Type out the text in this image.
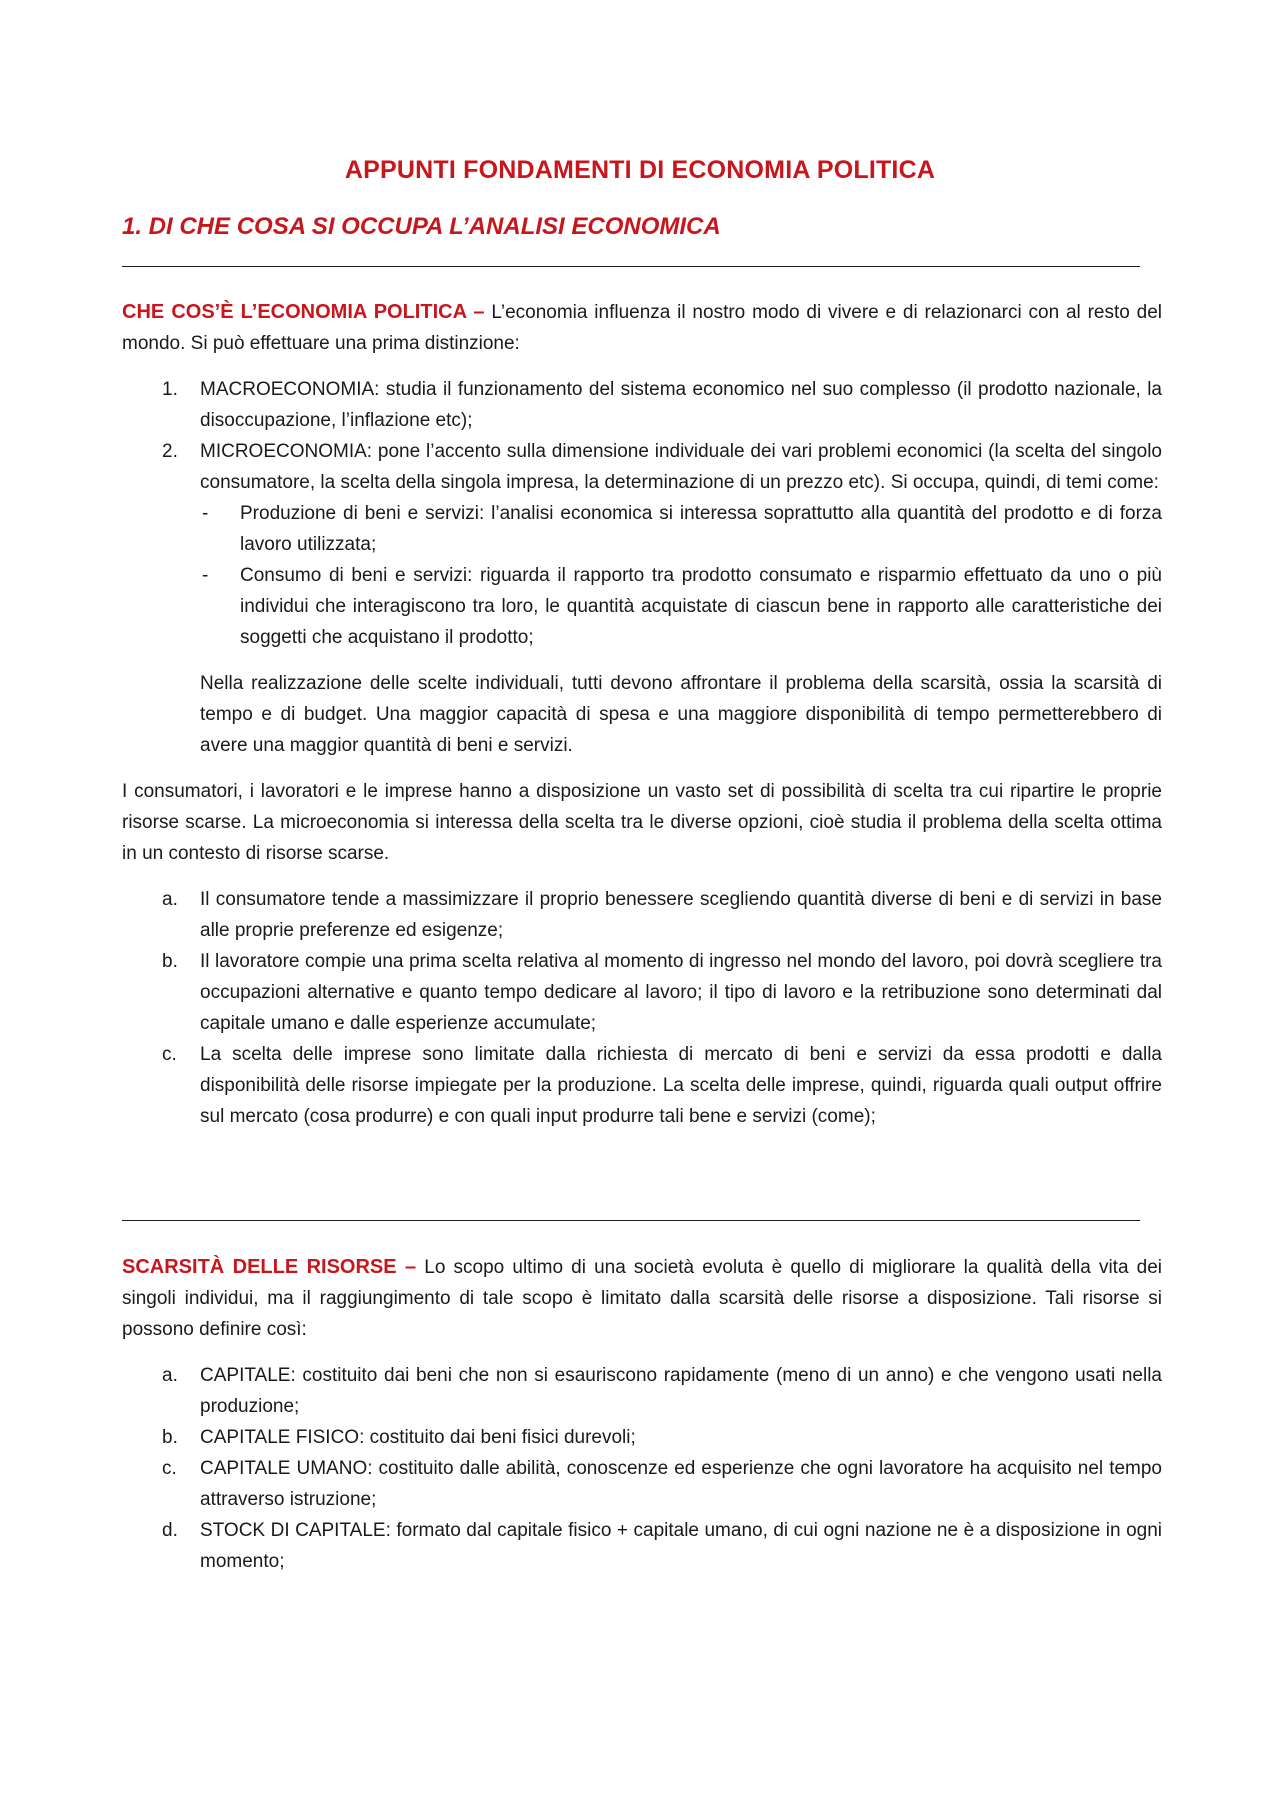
APPUNTI FONDAMENTI DI ECONOMIA POLITICA
1. DI CHE COSA SI OCCUPA L’ANALISI ECONOMICA

CHE COS’È L’ECONOMIA POLITICA – L’economia influenza il nostro modo di vivere e di relazionarci con al resto del mondo. Si può effettuare una prima distinzione:

1. MACROECONOMIA: studia il funzionamento del sistema economico nel suo complesso (il prodotto nazionale, la disoccupazione, l’inflazione etc);
2. MICROECONOMIA: pone l’accento sulla dimensione individuale dei vari problemi economici (la scelta del singolo consumatore, la scelta della singola impresa, la determinazione di un prezzo etc). Si occupa, quindi, di temi come:
- Produzione di beni e servizi: l’analisi economica si interessa soprattutto alla quantità del prodotto e di forza lavoro utilizzata;
- Consumo di beni e servizi: riguarda il rapporto tra prodotto consumato e risparmio effettuato da uno o più individui che interagiscono tra loro, le quantità acquistate di ciascun bene in rapporto alle caratteristiche dei soggetti che acquistano il prodotto;

Nella realizzazione delle scelte individuali, tutti devono affrontare il problema della scarsità, ossia la scarsità di tempo e di budget. Una maggior capacità di spesa e una maggiore disponibilità di tempo permetterebbero di avere una maggior quantità di beni e servizi.

I consumatori, i lavoratori e le imprese hanno a disposizione un vasto set di possibilità di scelta tra cui ripartire le proprie risorse scarse. La microeconomia si interessa della scelta tra le diverse opzioni, cioè studia il problema della scelta ottima in un contesto di risorse scarse.

a. Il consumatore tende a massimizzare il proprio benessere scegliendo quantità diverse di beni e di servizi in base alle proprie preferenze ed esigenze;
b. Il lavoratore compie una prima scelta relativa al momento di ingresso nel mondo del lavoro, poi dovrà scegliere tra occupazioni alternative e quanto tempo dedicare al lavoro; il tipo di lavoro e la retribuzione sono determinati dal capitale umano e dalle esperienze accumulate;
c. La scelta delle imprese sono limitate dalla richiesta di mercato di beni e servizi da essa prodotti e dalla disponibilità delle risorse impiegate per la produzione. La scelta delle imprese, quindi, riguarda quali output offrire sul mercato (cosa produrre) e con quali input produrre tali bene e servizi (come);

SCARSITÀ DELLE RISORSE – Lo scopo ultimo di una società evoluta è quello di migliorare la qualità della vita dei singoli individui, ma il raggiungimento di tale scopo è limitato dalla scarsità delle risorse a disposizione. Tali risorse si possono definire così:

a. CAPITALE: costituito dai beni che non si esauriscono rapidamente (meno di un anno) e che vengono usati nella produzione;
b. CAPITALE FISICO: costituito dai beni fisici durevoli;
c. CAPITALE UMANO: costituito dalle abilità, conoscenze ed esperienze che ogni lavoratore ha acquisito nel tempo attraverso istruzione;
d. STOCK DI CAPITALE: formato dal capitale fisico + capitale umano, di cui ogni nazione ne è a disposizione in ogni momento;
